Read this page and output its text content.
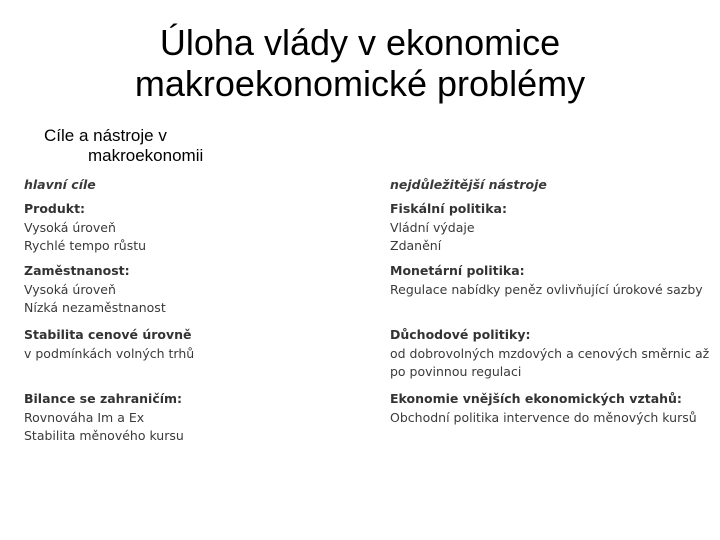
Úloha vlády v ekonomice
makroekonomické problémy
Cíle a nástroje v
makroekonomii
hlavní cíle
Produkt:
Vysoká úroveň
Rychlé tempo růstu
Zaměstnanost:
Vysoká úroveň
Nízká nezaměstnanost
Stabilita cenové úrovně
v podmínkách volných trhů
Bilance se zahraničím:
Rovnováha Im a Ex
Stabilita měnového kursu
nejdůležitější nástroje
Fiskální politika:
Vládní výdaje
Zdanění
Monetární politika:
Regulace nabídky peněz ovlivňující úrokové sazby
Důchodové politiky:
od dobrovolných mzdových a cenových směrnic až po povinnou regulaci
Ekonomie vnějších ekonomických vztahů:
Obchodní politika intervence do měnových kursů
